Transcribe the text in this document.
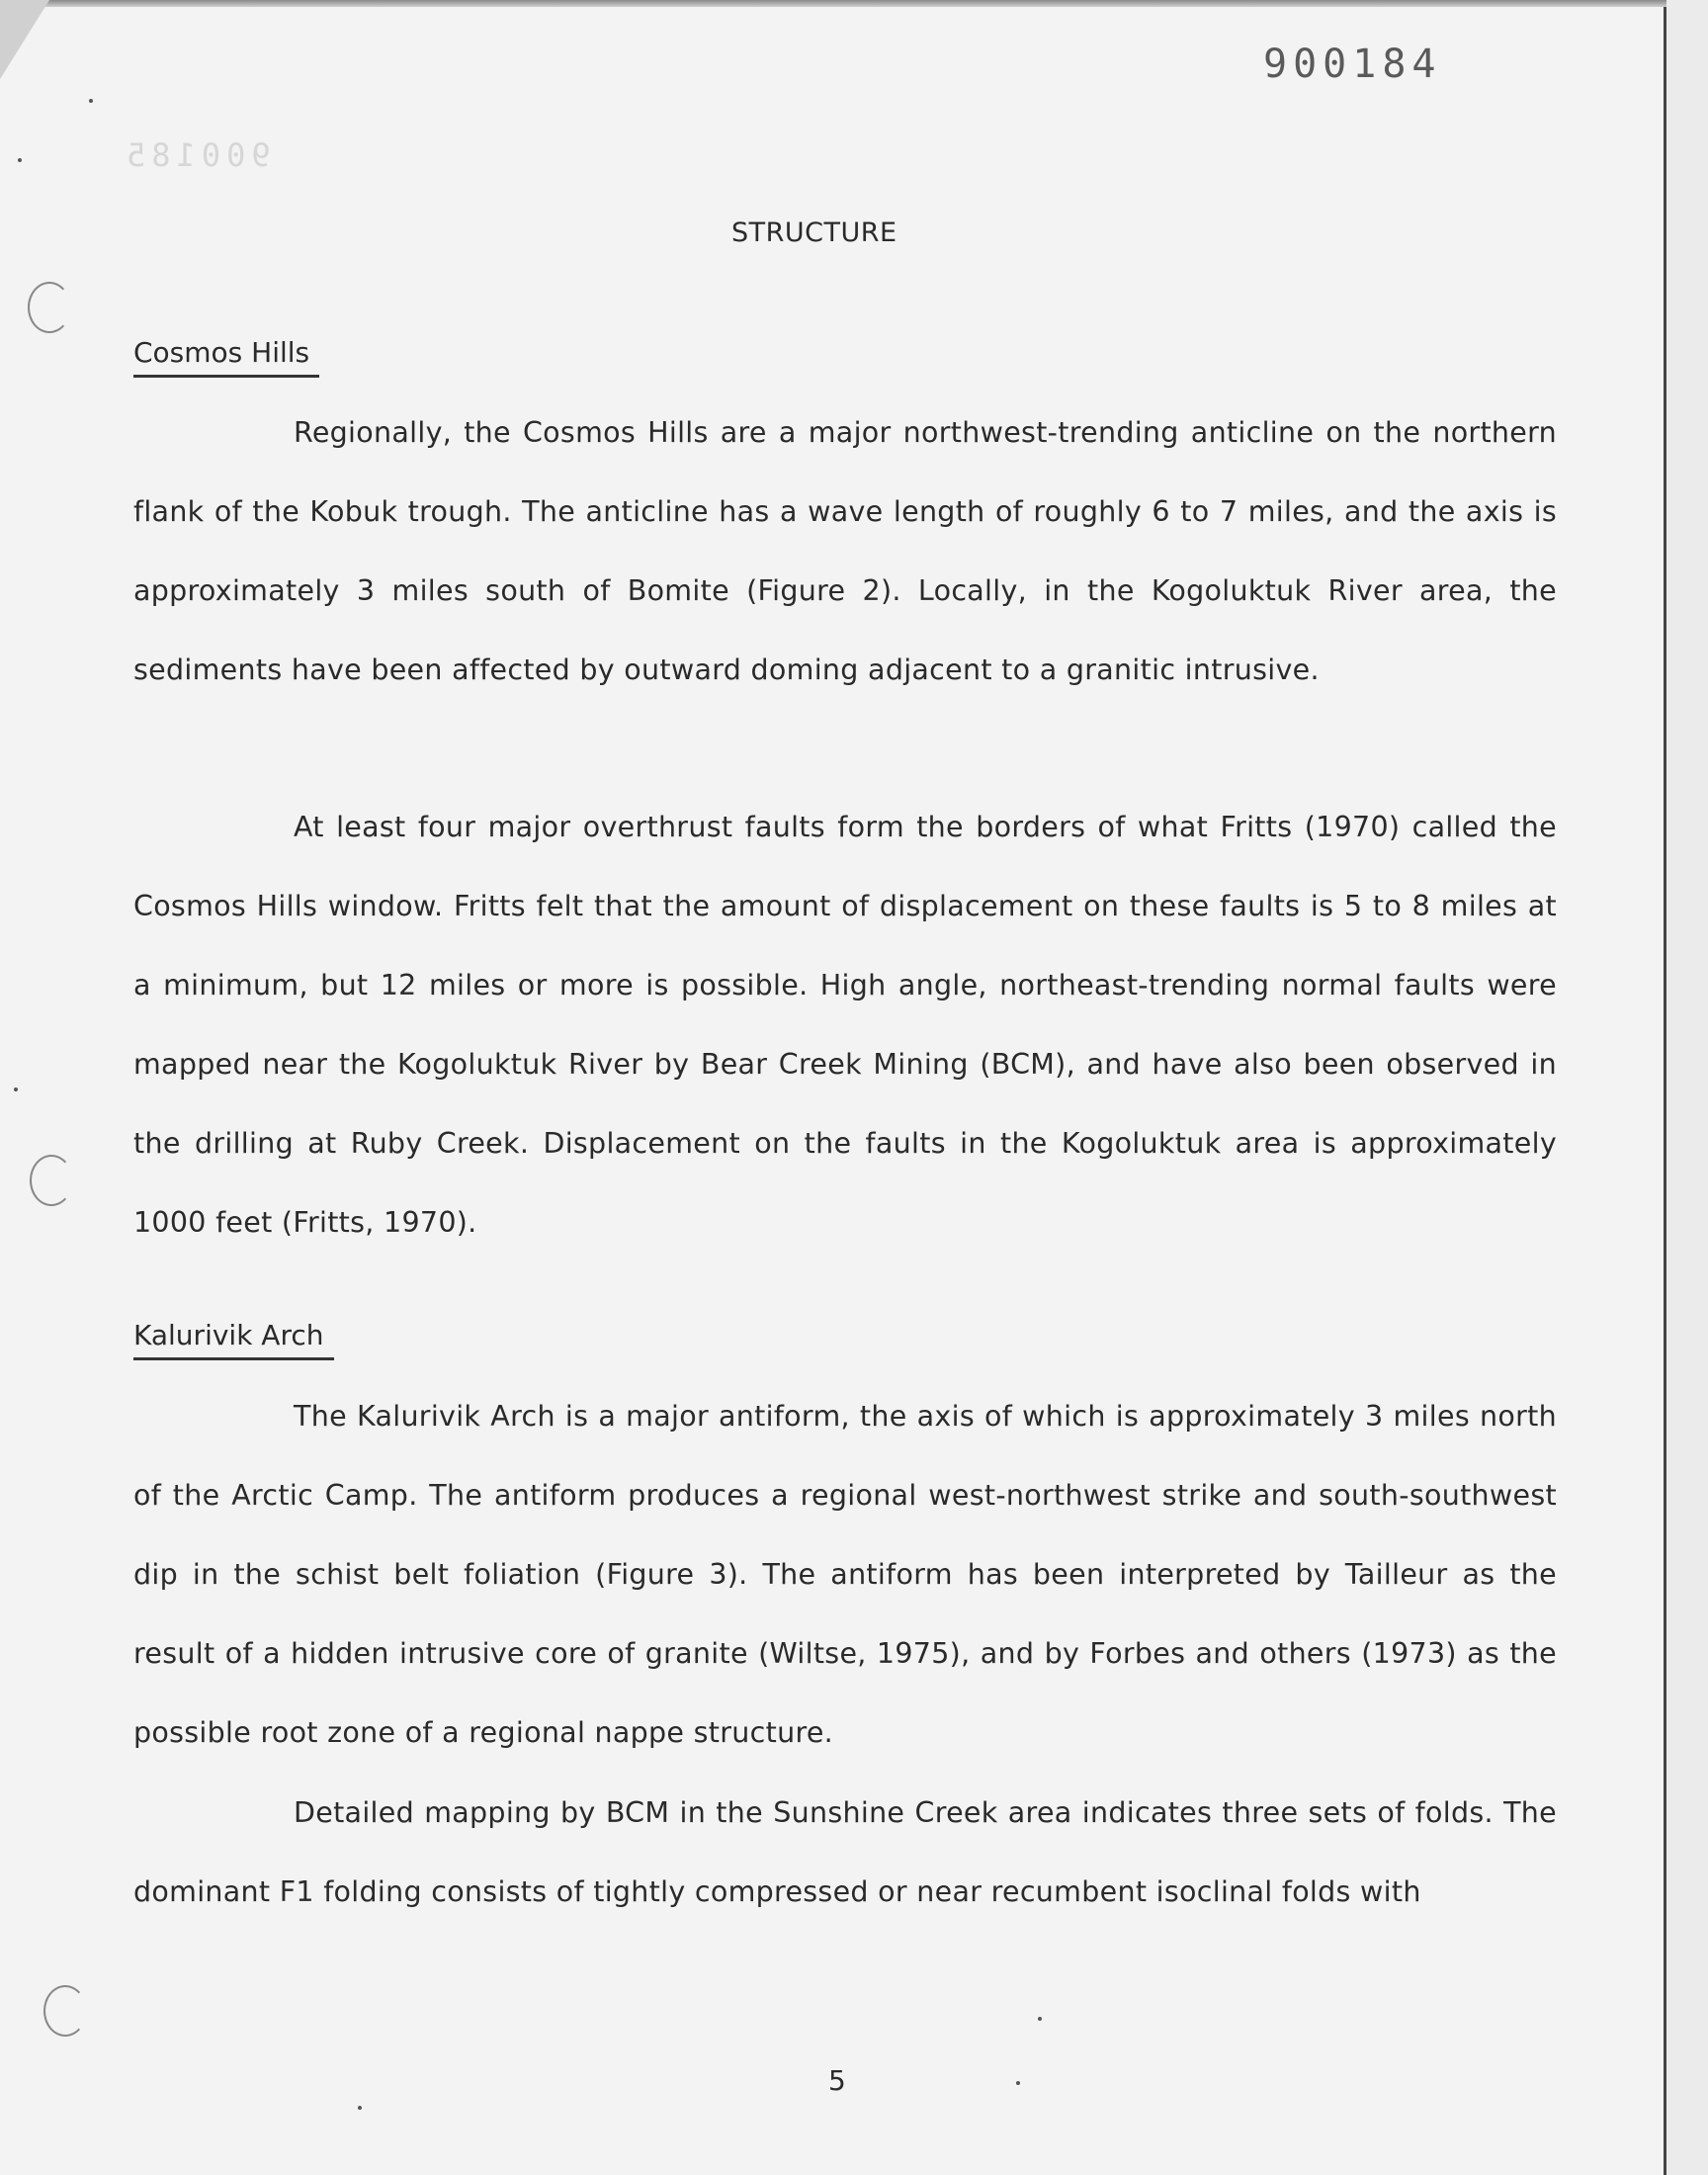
900185
900184
STRUCTURE
Cosmos Hills

Regionally, the Cosmos Hills are a major northwest-trending anticline on the northern flank of the Kobuk trough. The anticline has a wave length of roughly 6 to 7 miles, and the axis is approximately 3 miles south of Bomite (Figure 2). Locally, in the Kogoluktuk River area, the sediments have been affected by outward doming adjacent to a granitic intrusive.

At least four major overthrust faults form the borders of what Fritts (1970) called the Cosmos Hills window. Fritts felt that the amount of displacement on these faults is 5 to 8 miles at a minimum, but 12 miles or more is possible. High angle, northeast-trending normal faults were mapped near the Kogoluktuk River by Bear Creek Mining (BCM), and have also been observed in the drilling at Ruby Creek. Displacement on the faults in the Kogoluktuk area is approximately 1000 feet (Fritts, 1970).

Kalurivik Arch

The Kalurivik Arch is a major antiform, the axis of which is approximately 3 miles north of the Arctic Camp. The antiform produces a regional west-northwest strike and south-southwest dip in the schist belt foliation (Figure 3). The antiform has been interpreted by Tailleur as the result of a hidden intrusive core of granite (Wiltse, 1975), and by Forbes and others (1973) as the possible root zone of a regional nappe structure.

Detailed mapping by BCM in the Sunshine Creek area indicates three sets of folds. The dominant F1 folding consists of tightly compressed or near recumbent isoclinal folds with

5
